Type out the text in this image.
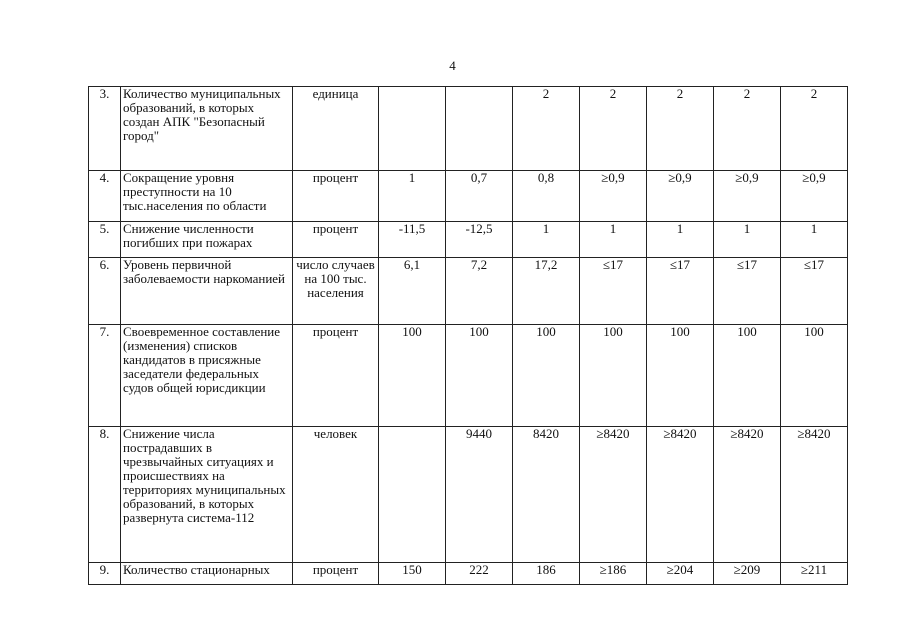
4
3.	Количество муниципальных образований, в которых создан АПК "Безопасный город"	единица			2	2	2	2	2
4.	Сокращение уровня преступности на 10 тыс.населения по области	процент	1	0,7	0,8	≥0,9	≥0,9	≥0,9	≥0,9
5.	Снижение численности погибших при пожарах	процент	-11,5	-12,5	1	1	1	1	1
6.	Уровень первичной заболеваемости наркоманией	число случаев на 100 тыс. населения	6,1	7,2	17,2	≤17	≤17	≤17	≤17
7.	Своевременное составление (изменения) списков кандидатов в присяжные заседатели федеральных судов общей юрисдикции	процент	100	100	100	100	100	100	100
8.	Снижение числа пострадавших в чрезвычайных ситуациях и происшествиях на территориях муниципальных образований, в которых развернута система-112	человек		9440	8420	≥8420	≥8420	≥8420	≥8420
9.	Количество стационарных	процент	150	222	186	≥186	≥204	≥209	≥211
